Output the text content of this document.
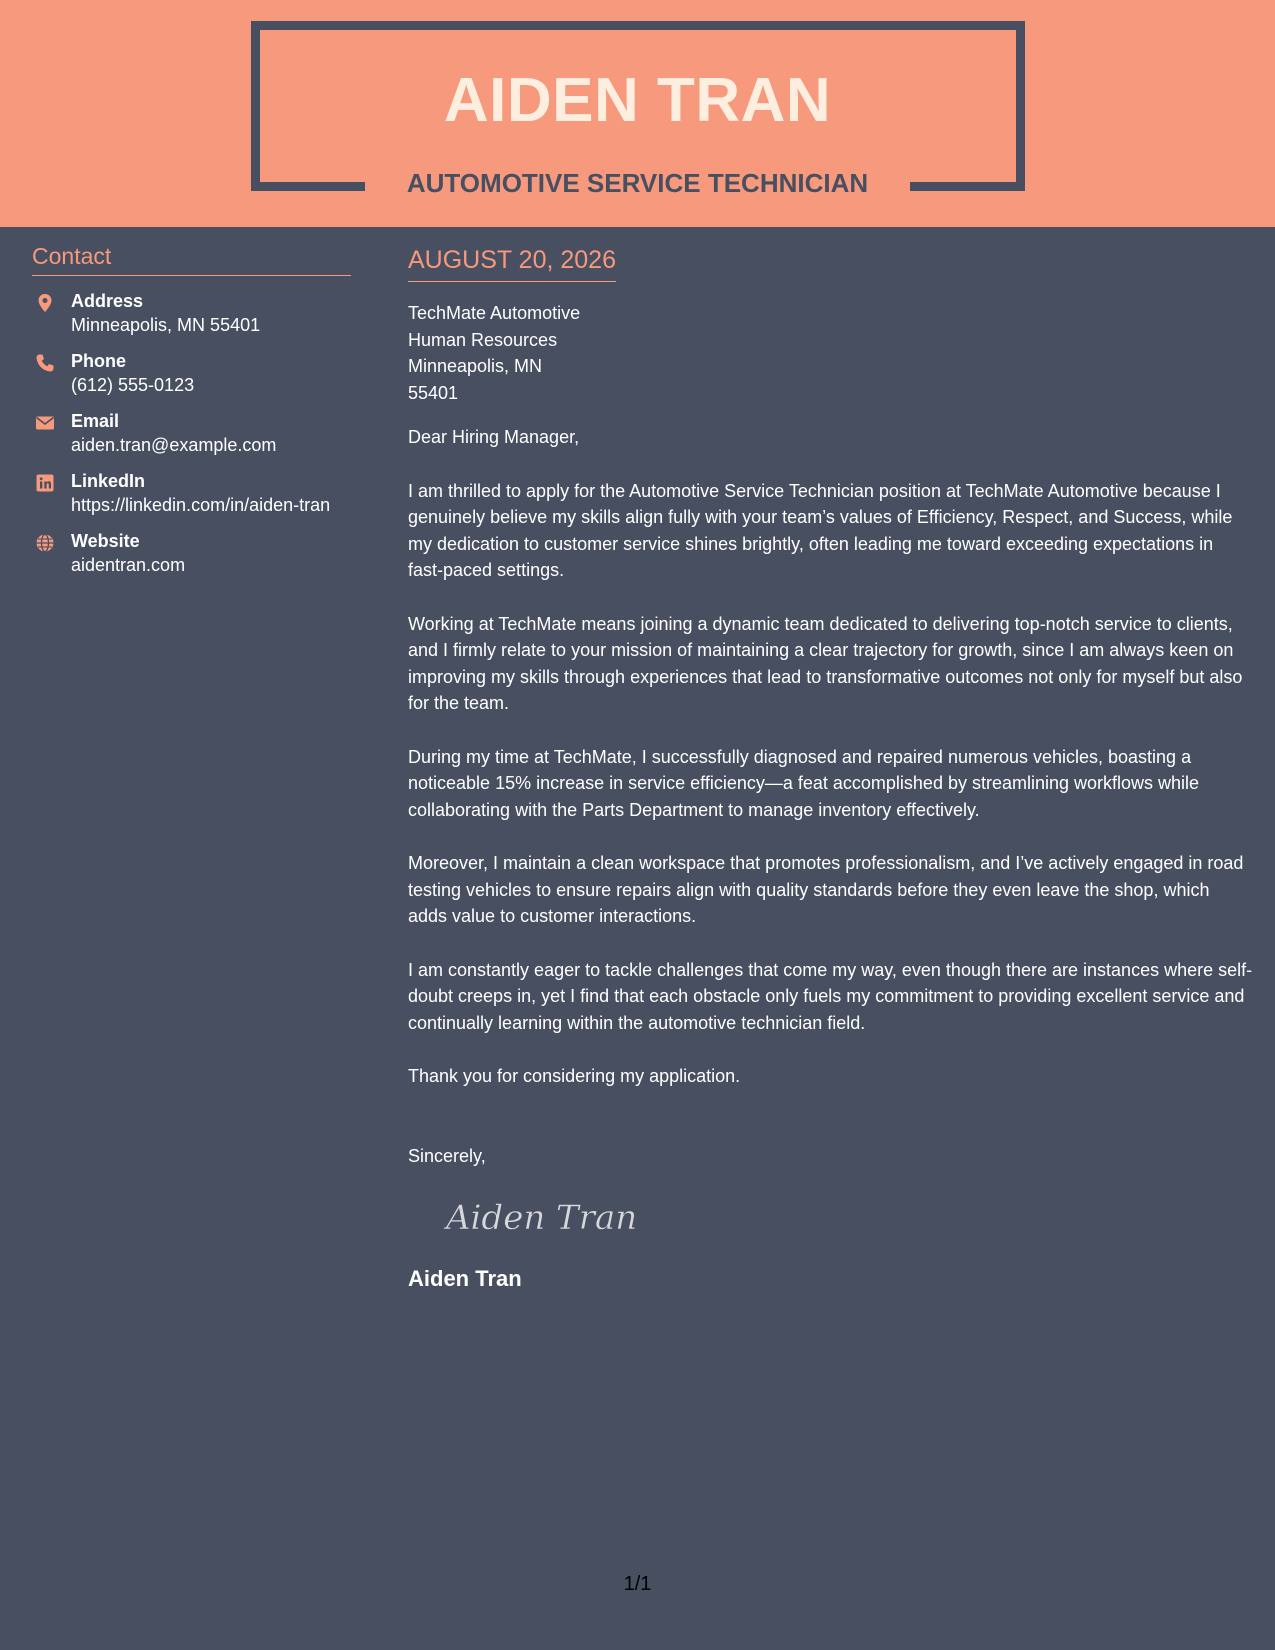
AIDEN TRAN
AUTOMOTIVE SERVICE TECHNICIAN
Contact
Address
Minneapolis, MN 55401
Phone
(612) 555-0123
Email
aiden.tran@example.com
LinkedIn
https://linkedin.com/in/aiden-tran
Website
aidentran.com
AUGUST 20, 2026
TechMate Automotive
Human Resources
Minneapolis, MN
55401
Dear Hiring Manager,
I am thrilled to apply for the Automotive Service Technician position at TechMate Automotive because I genuinely believe my skills align fully with your team’s values of Efficiency, Respect, and Success, while my dedication to customer service shines brightly, often leading me toward exceeding expectations in fast-paced settings.
Working at TechMate means joining a dynamic team dedicated to delivering top-notch service to clients, and I firmly relate to your mission of maintaining a clear trajectory for growth, since I am always keen on improving my skills through experiences that lead to transformative outcomes not only for myself but also for the team.
During my time at TechMate, I successfully diagnosed and repaired numerous vehicles, boasting a noticeable 15% increase in service efficiency—a feat accomplished by streamlining workflows while collaborating with the Parts Department to manage inventory effectively.
Moreover, I maintain a clean workspace that promotes professionalism, and I’ve actively engaged in road testing vehicles to ensure repairs align with quality standards before they even leave the shop, which adds value to customer interactions.
I am constantly eager to tackle challenges that come my way, even though there are instances where self-doubt creeps in, yet I find that each obstacle only fuels my commitment to providing excellent service and continually learning within the automotive technician field.
Thank you for considering my application.
Sincerely,
Aiden Tran
Aiden Tran
1/1
